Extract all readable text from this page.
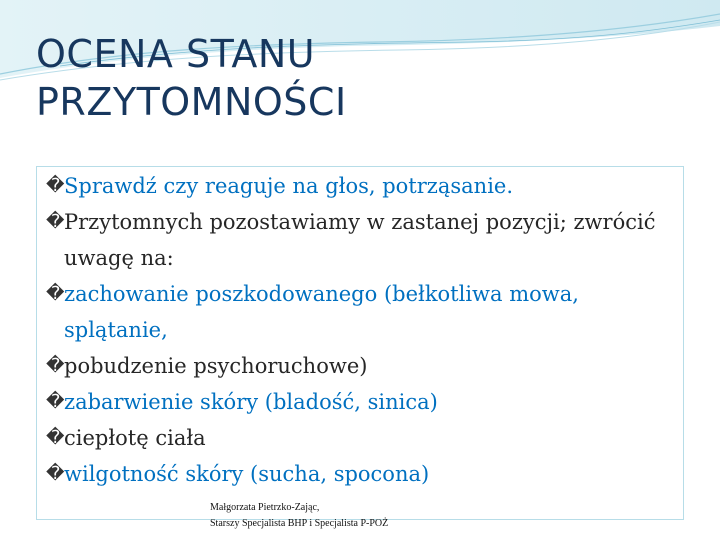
OCENA STANU
PRZYTOMNOŚCI
� Sprawdź czy reaguje na głos, potrząsanie.
� Przytomnych pozostawiamy w zastanej pozycji; zwrócić uwagę na:
� zachowanie poszkodowanego (bełkotliwa mowa, splątanie,
� pobudzenie psychoruchowe)
� zabarwienie skóry (bladość, sinica)
� ciepłotę ciała
� wilgotność skóry (sucha, spocona)
Małgorzata Pietrzko-Zając,
Starszy Specjalista BHP i Specjalista P-POŻ
